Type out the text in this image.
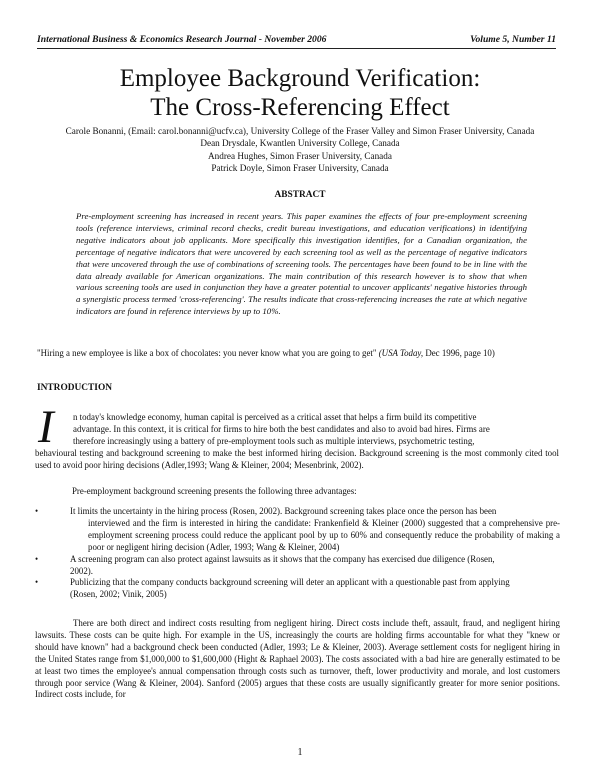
International Business & Economics Research Journal - November 2006	Volume 5, Number 11
Employee Background Verification:
The Cross-Referencing Effect
Carole Bonanni, (Email: carol.bonanni@ucfv.ca), University College of the Fraser Valley and Simon Fraser University, Canada
Dean Drysdale, Kwantlen University College, Canada
Andrea Hughes, Simon Fraser University, Canada
Patrick Doyle, Simon Fraser University, Canada
ABSTRACT
Pre-employment screening has increased in recent years. This paper examines the effects of four pre-employment screening tools (reference interviews, criminal record checks, credit bureau investigations, and education verifications) in identifying negative indicators about job applicants. More specifically this investigation identifies, for a Canadian organization, the percentage of negative indicators that were uncovered by each screening tool as well as the percentage of negative indicators that were uncovered through the use of combinations of screening tools. The percentages have been found to be in line with the data already available for American organizations. The main contribution of this research however is to show that when various screening tools are used in conjunction they have a greater potential to uncover applicants' negative histories through a synergistic process termed 'cross-referencing'. The results indicate that cross-referencing increases the rate at which negative indicators are found in reference interviews by up to 10%.
"Hiring a new employee is like a box of chocolates: you never know what you are going to get" (USA Today, Dec 1996, page 10)
INTRODUCTION
I	n today's knowledge economy, human capital is perceived as a critical asset that helps a firm build its competitive
advantage. In this context, it is critical for firms to hire both the best candidates and also to avoid bad hires. Firms are
therefore increasingly using a battery of pre-employment tools such as multiple interviews, psychometric testing,
behavioural testing and background screening to make the best informed hiring decision. Background screening is the most commonly cited tool used to avoid poor hiring decisions (Adler,1993; Wang & Kleiner, 2004; Mesenbrink, 2002).
Pre-employment background screening presents the following three advantages:
•	It limits the uncertainty in the hiring process (Rosen, 2002). Background screening takes place once the person has been
interviewed and the firm is interested in hiring the candidate: Frankenfield & Kleiner (2000) suggested that a comprehensive pre-employment screening process could reduce the applicant pool by up to 60% and consequently reduce the probability of making a poor or negligent hiring decision (Adler, 1993; Wang & Kleiner, 2004)
•	A screening program can also protect against lawsuits as it shows that the company has exercised due diligence (Rosen,
2002).
•	Publicizing that the company conducts background screening will deter an applicant with a questionable past from applying
(Rosen, 2002; Vinik, 2005)
There are both direct and indirect costs resulting from negligent hiring. Direct costs include theft, assault, fraud, and negligent hiring lawsuits. These costs can be quite high. For example in the US, increasingly the courts are holding firms accountable for what they "knew or should have known" had a background check been conducted (Adler, 1993; Le & Kleiner, 2003). Average settlement costs for negligent hiring in the United States range from $1,000,000 to $1,600,000 (Hight & Raphael 2003). The costs associated with a bad hire are generally estimated to be at least two times the employee's annual compensation through costs such as turnover, theft, lower productivity and morale, and lost customers through poor service (Wang & Kleiner, 2004). Sanford (2005) argues that these costs are usually significantly greater for more senior positions. Indirect costs include, for
1
